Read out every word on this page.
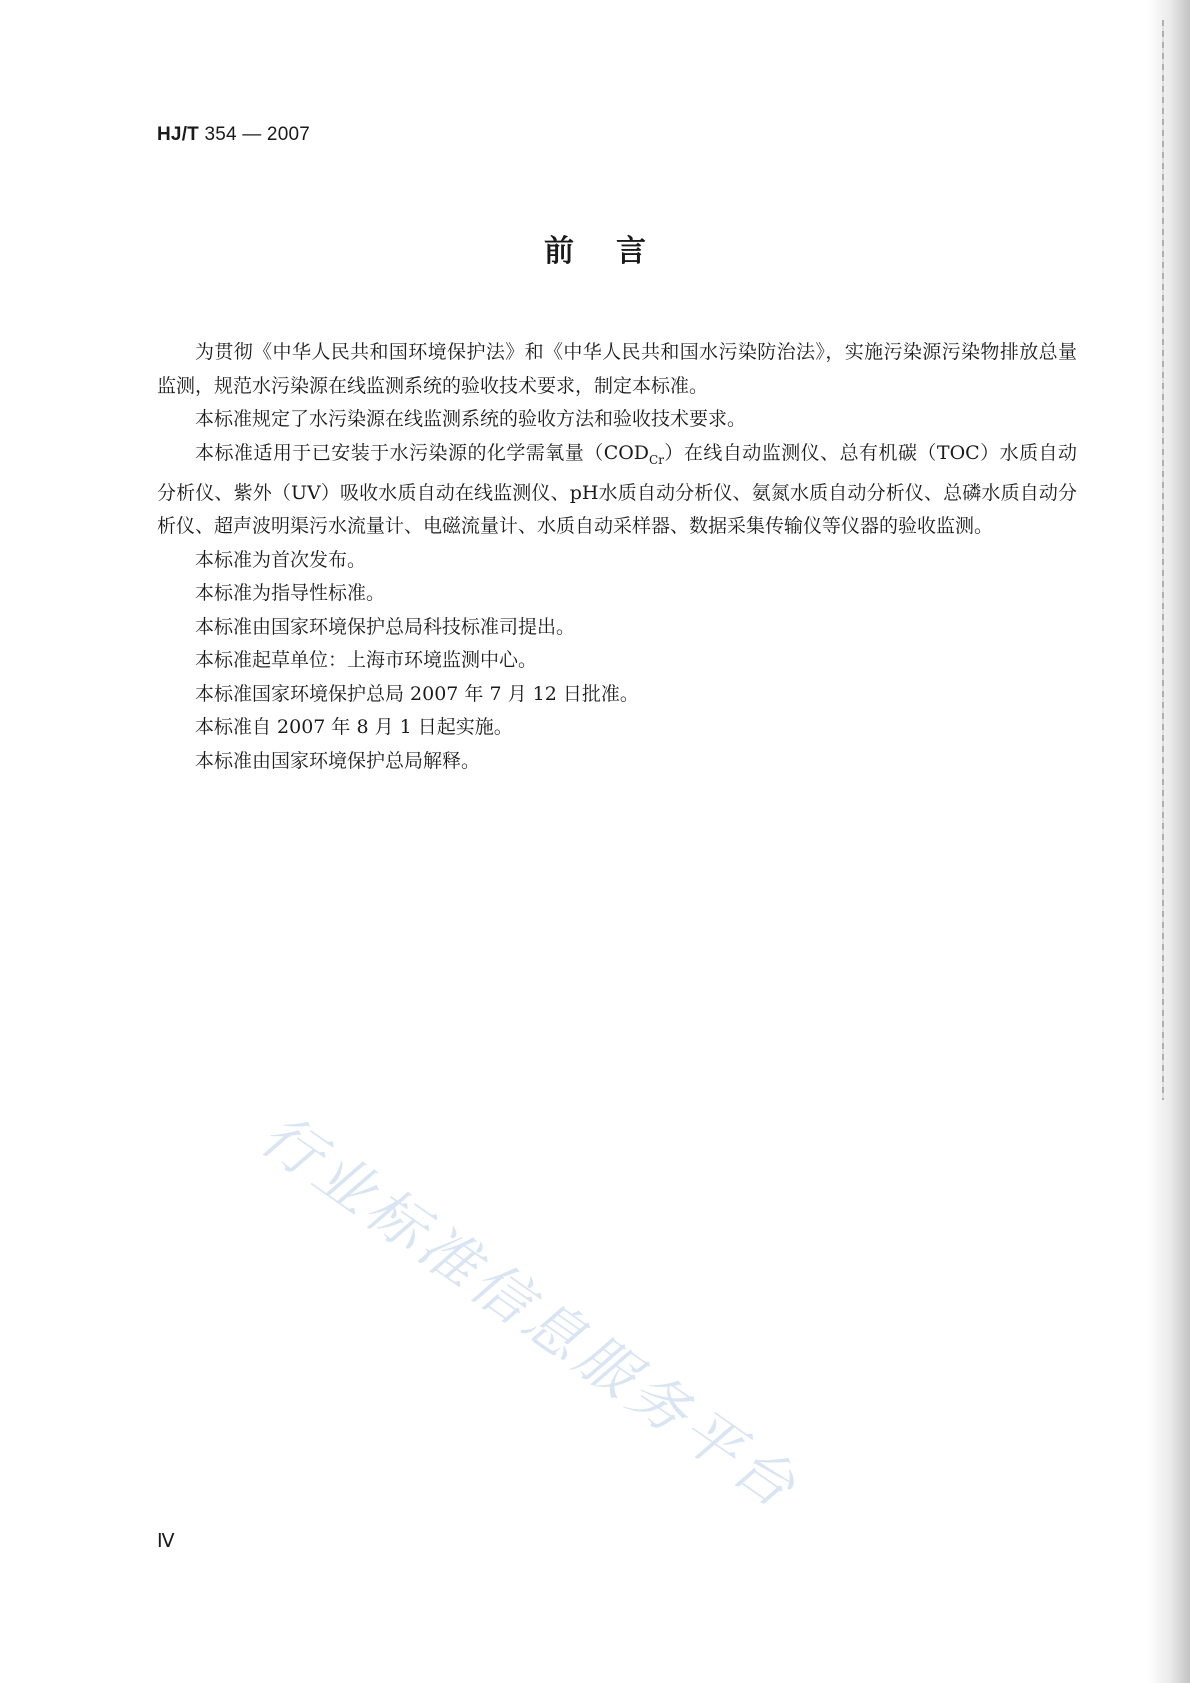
HJ/T 354 — 2007
前言

为贯彻《中华人民共和国环境保护法》和《中华人民共和国水污染防治法》，实施污染源污染物排放总量监测，规范水污染源在线监测系统的验收技术要求，制定本标准。

本标准规定了水污染源在线监测系统的验收方法和验收技术要求。

本标准适用于已安装于水污染源的化学需氧量$(COD_{Cr})$在线自动监测仪、总有机碳（TOC）水质自动分析仪、紫外（UV）吸收水质自动在线监测仪、pH水质自动分析仪、氨氮水质自动分析仪、总磷水质自动分析仪、超声波明渠污水流量计、电磁流量计、水质自动采样器、数据采集传输仪等仪器的验收监测。

本标准为首次发布。

本标准为指导性标准。

本标准由国家环境保护总局科技标准司提出。

本标准起草单位：上海市环境监测中心。

本标准国家环境保护总局 2007 年 7 月 12 日批准。

本标准自 2007 年 8 月 1 日起实施。

本标准由国家环境保护总局解释。

行业标准信息服务平台
Ⅳ
